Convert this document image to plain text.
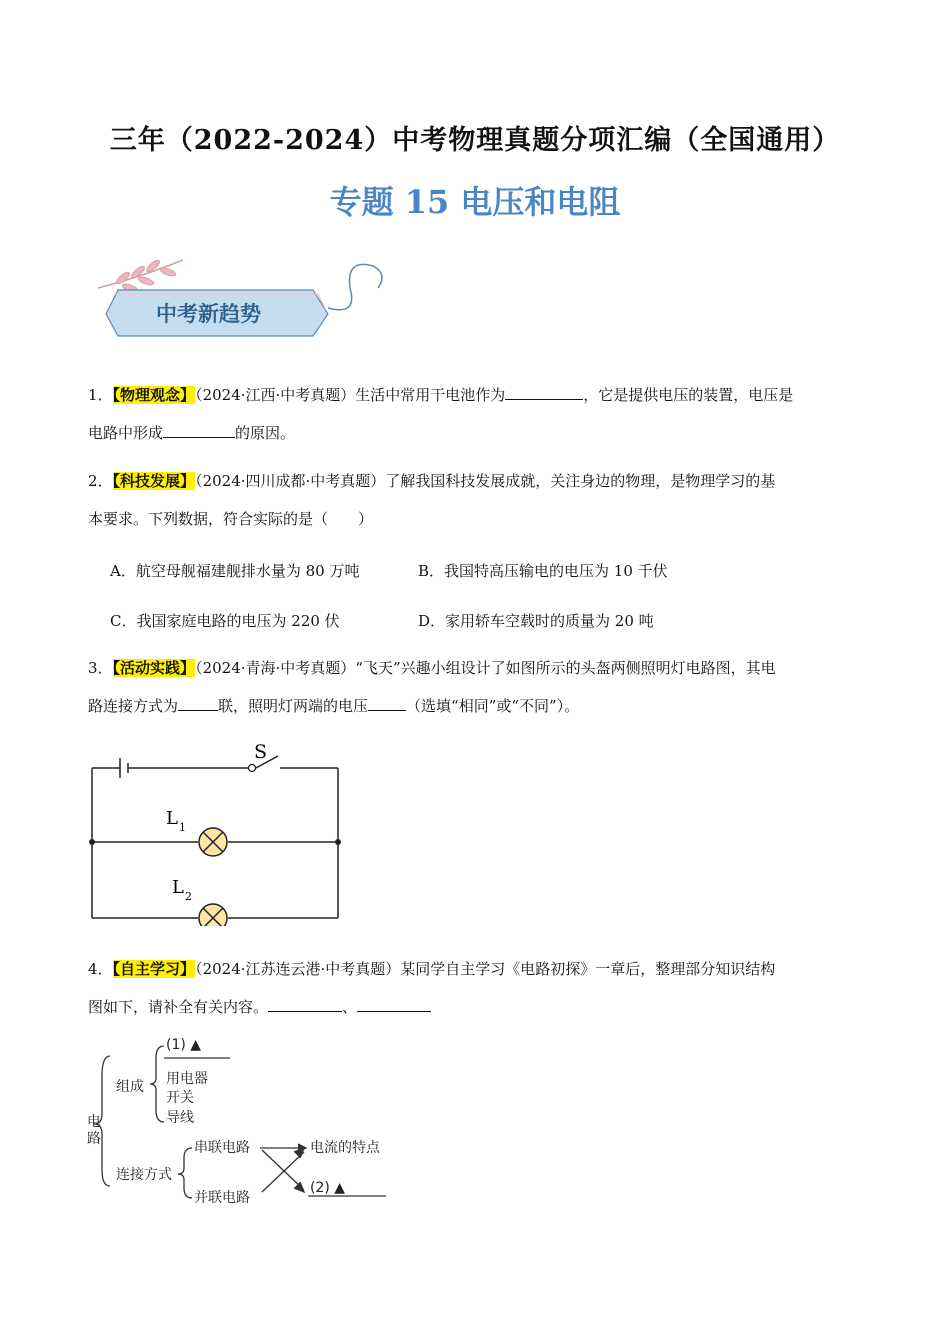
三年（2022-2024）中考物理真题分项汇编（全国通用）
专题 15 电压和电阻
中考新趋势
1．【物理观念】（2024·江西·中考真题）生活中常用干电池作为	，它是提供电压的装置，电压是
电路中形成	的原因。
2．【科技发展】（2024·四川成都·中考真题）了解我国科技发展成就，关注身边的物理，是物理学习的基
本要求。下列数据，符合实际的是（　　）
A．航空母舰福建舰排水量为 80 万吨	B．我国特高压输电的电压为 10 千伏
C．我国家庭电路的电压为 220 伏	D．家用轿车空载时的质量为 20 吨
3．【活动实践】（2024·青海·中考真题）“飞天”兴趣小组设计了如图所示的头盔两侧照明灯电路图，其电
路连接方式为	联，照明灯两端的电压	（选填“相同”或“不同”）。
S
L 1
L 2
4．【自主学习】（2024·江苏连云港·中考真题）某同学自主学习《电路初探》一章后，整理部分知识结构
图如下，请补全有关内容。	、
电
路
组成
(1) ▲
用电器
开关
导线
连接方式
串联电路
并联电路
电流的特点
(2) ▲
